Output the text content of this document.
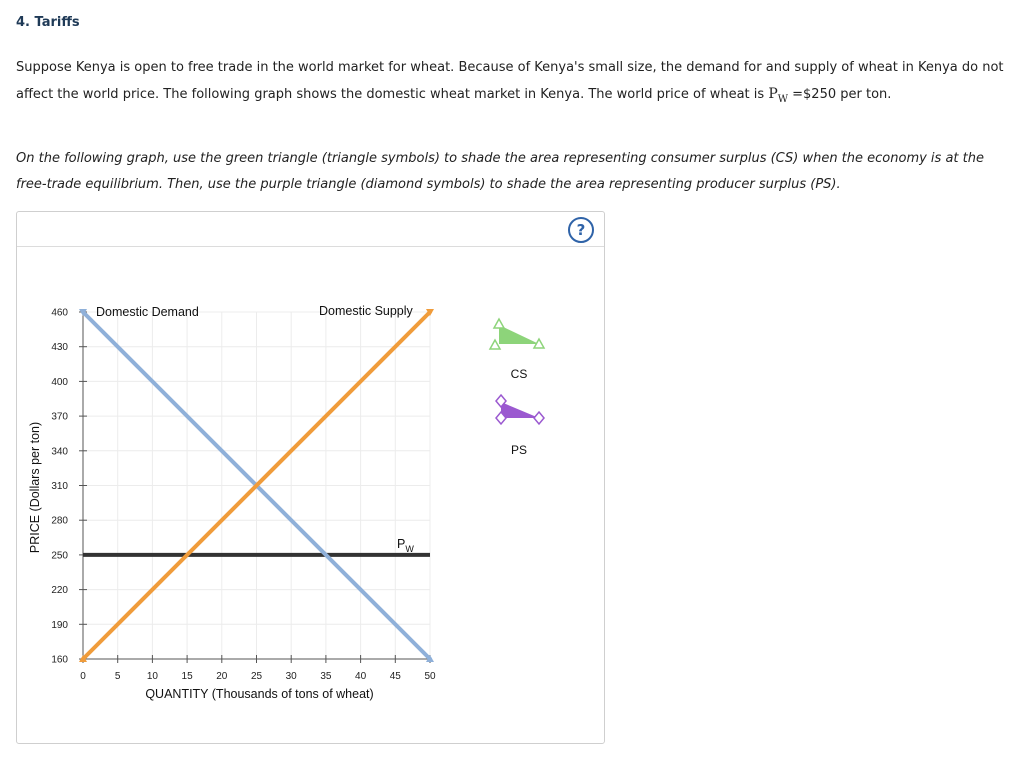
4. Tariffs
Suppose Kenya is open to free trade in the world market for wheat. Because of Kenya's small size, the demand for and supply of wheat in Kenya do not affect the world price. The following graph shows the domestic wheat market in Kenya. The world price of wheat is $P_W$ =$250 per ton.
On the following graph, use the green triangle (triangle symbols) to shade the area representing consumer surplus (CS) when the economy is at the free-trade equilibrium. Then, use the purple triangle (diamond symbols) to shade the area representing producer surplus (PS).
?
160
190
220
250
280
310
340
370
400
430
460
0	5	10 15 20 25 30 35 40 45 50
QUANTITY (Thousands of tons of wheat)
PRICE (Dollars per ton)
Domestic Demand	Domestic Supply
$P_W$
CS
PS
